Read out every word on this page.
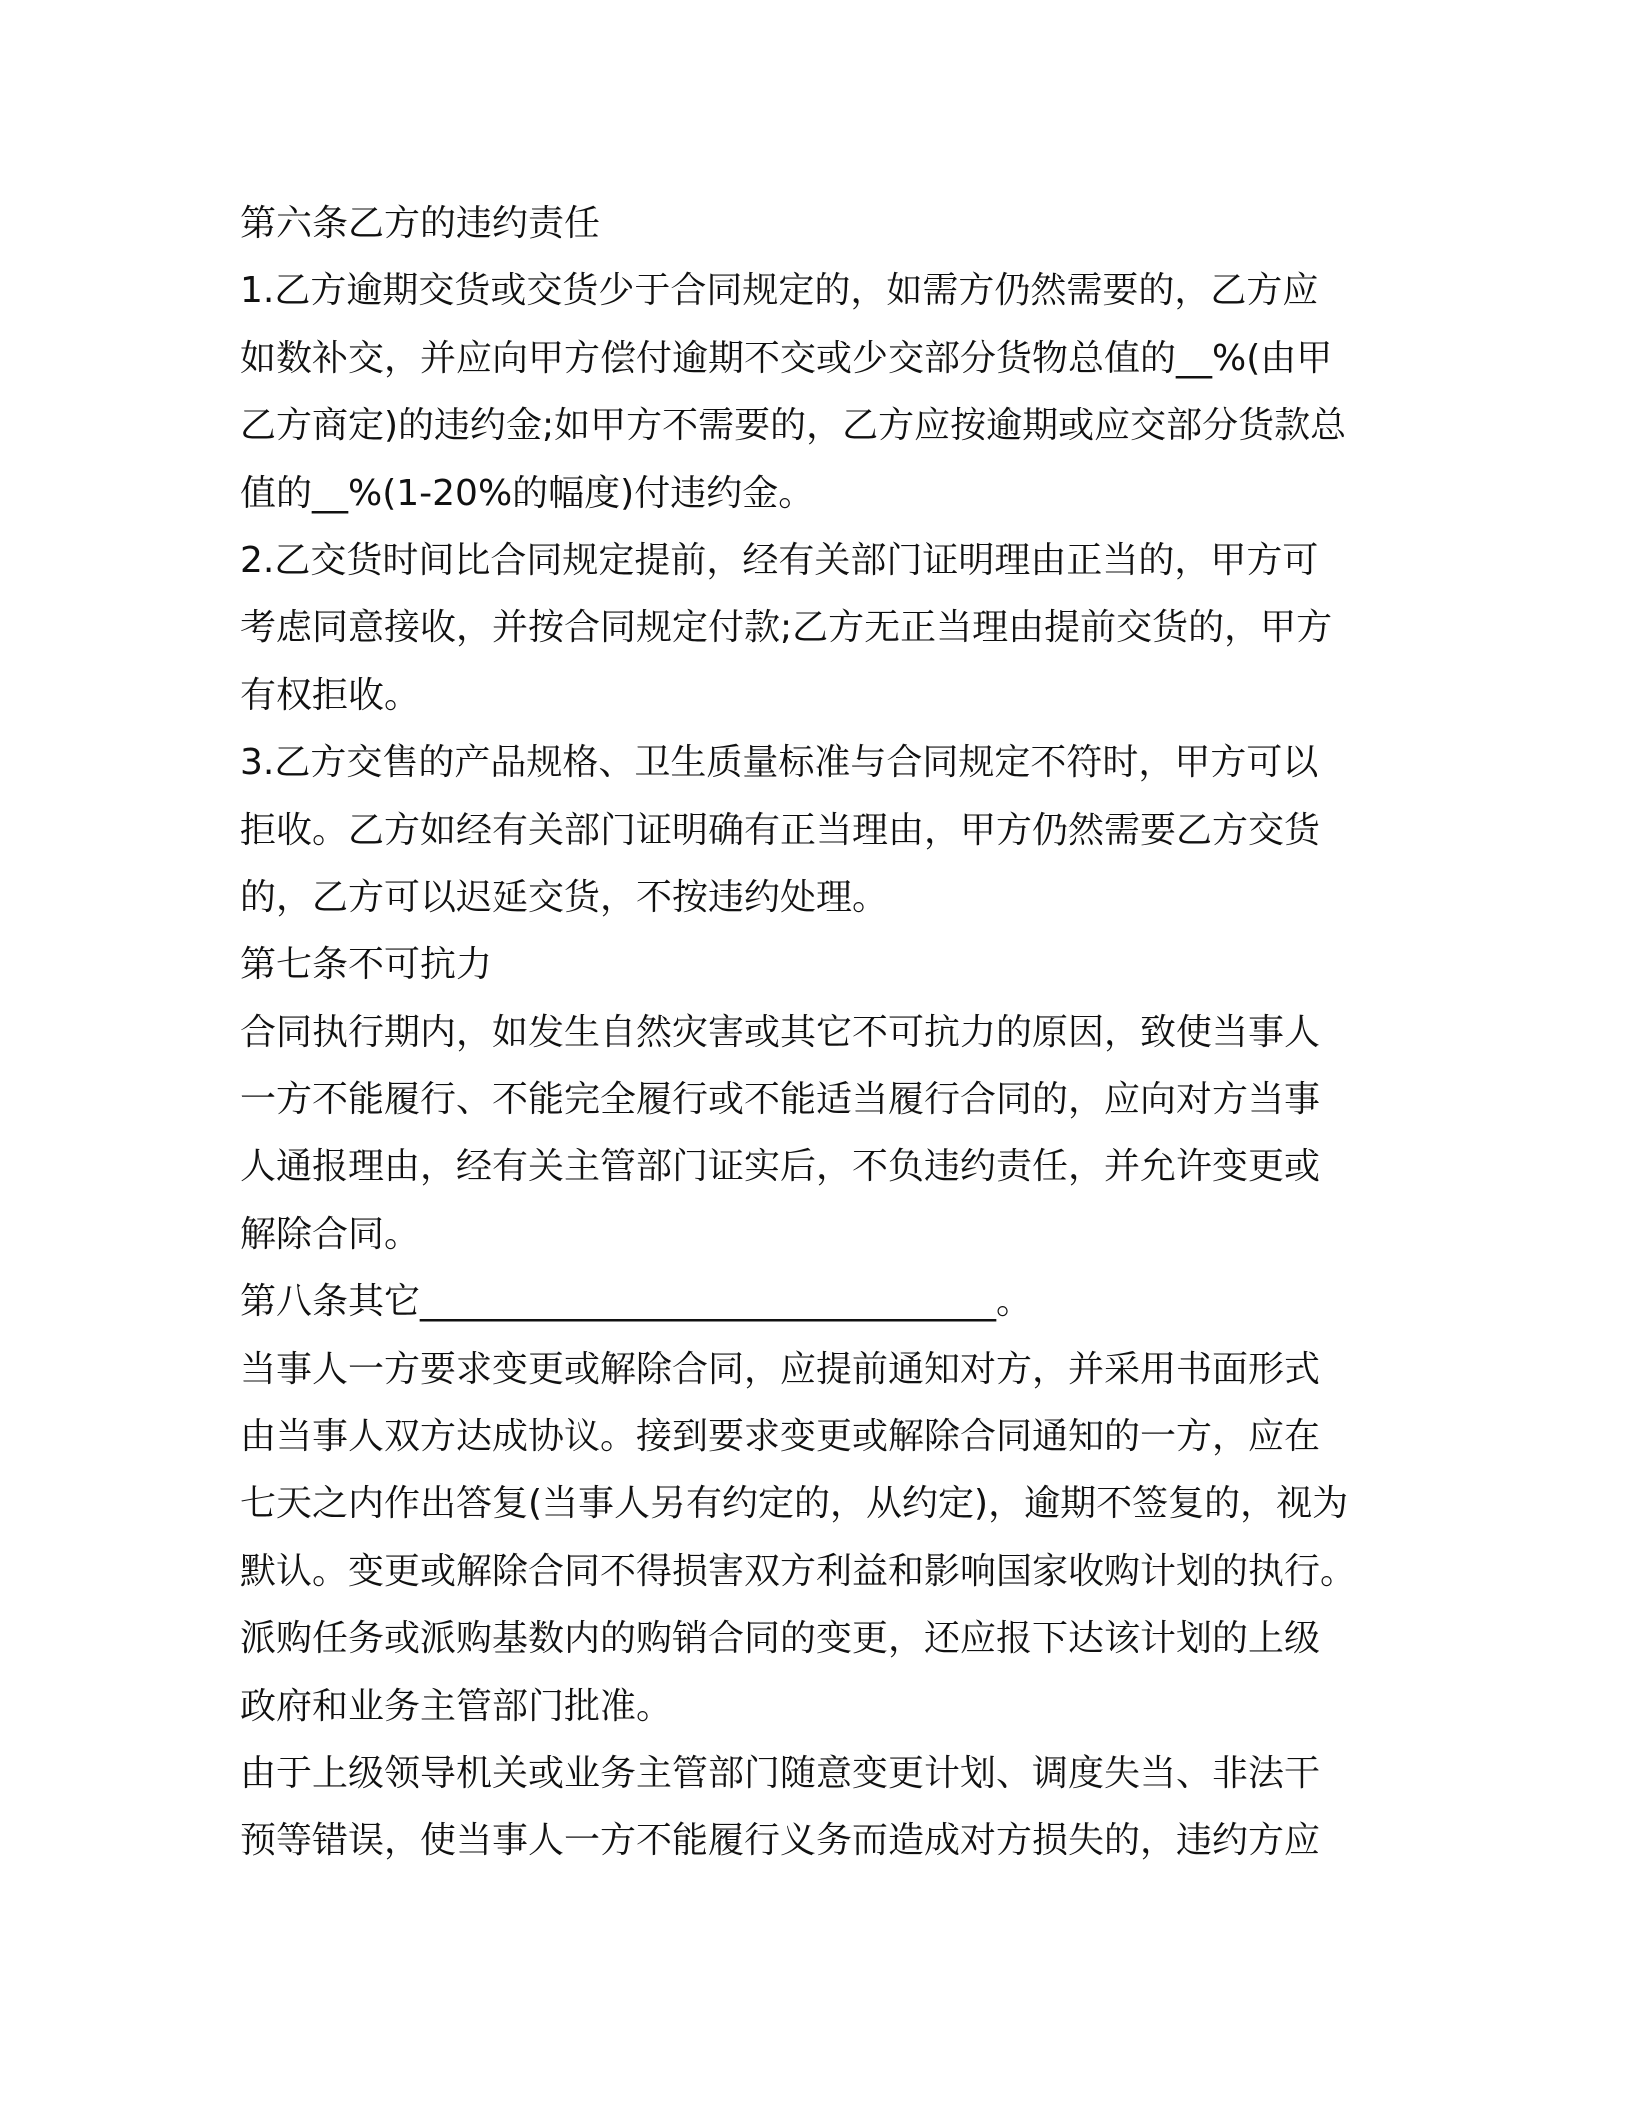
第六条乙方的违约责任
1.乙方逾期交货或交货少于合同规定的，如需方仍然需要的，乙方应
如数补交，并应向甲方偿付逾期不交或少交部分货物总值的__%(由甲
乙方商定)的违约金;如甲方不需要的，乙方应按逾期或应交部分货款总
值的__%(1-20%的幅度)付违约金。
2.乙交货时间比合同规定提前，经有关部门证明理由正当的，甲方可
考虑同意接收，并按合同规定付款;乙方无正当理由提前交货的，甲方
有权拒收。
3.乙方交售的产品规格、卫生质量标准与合同规定不符时，甲方可以
拒收。乙方如经有关部门证明确有正当理由，甲方仍然需要乙方交货
的，乙方可以迟延交货，不按违约处理。
第七条不可抗力
合同执行期内，如发生自然灾害或其它不可抗力的原因，致使当事人
一方不能履行、不能完全履行或不能适当履行合同的，应向对方当事
人通报理由，经有关主管部门证实后，不负违约责任，并允许变更或
解除合同。
第八条其它________________________________。
当事人一方要求变更或解除合同，应提前通知对方，并采用书面形式
由当事人双方达成协议。接到要求变更或解除合同通知的一方，应在
七天之内作出答复(当事人另有约定的，从约定)，逾期不签复的，视为
默认。变更或解除合同不得损害双方利益和影响国家收购计划的执行。
派购任务或派购基数内的购销合同的变更，还应报下达该计划的上级
政府和业务主管部门批准。
由于上级领导机关或业务主管部门随意变更计划、调度失当、非法干
预等错误，使当事人一方不能履行义务而造成对方损失的，违约方应
